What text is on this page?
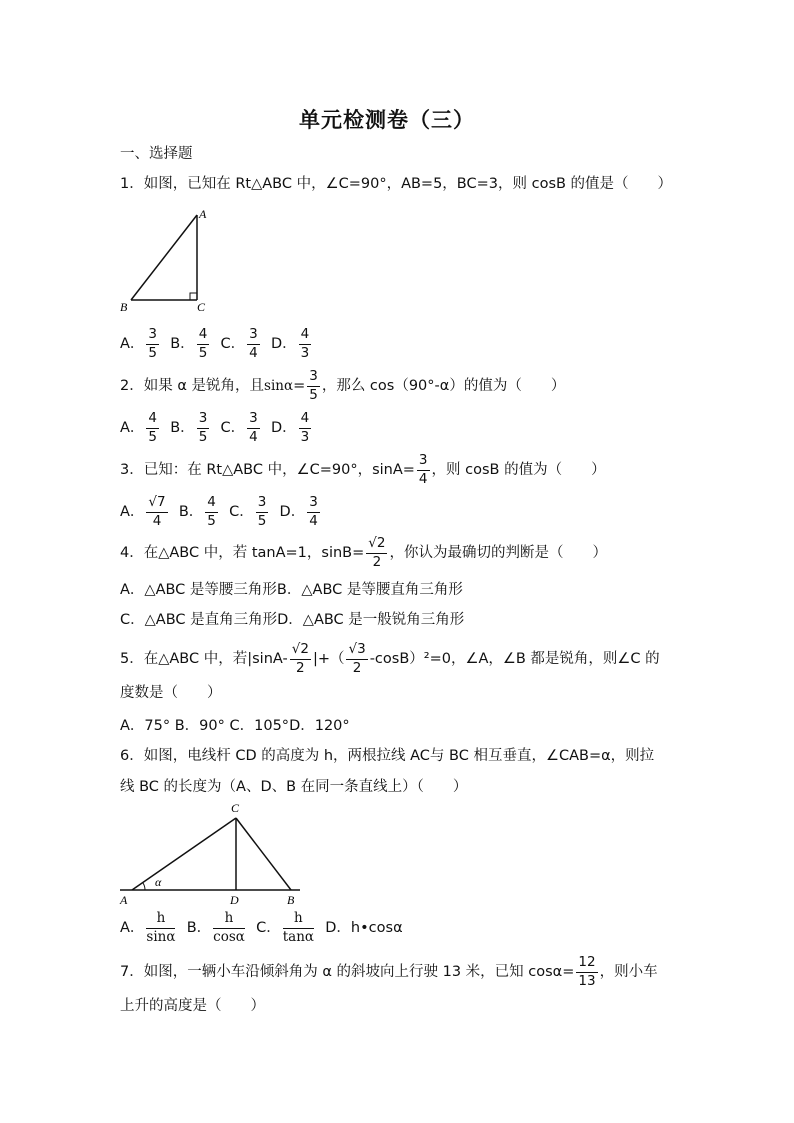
单元检测卷（三）
一、选择题
1．如图，已知在 Rt△ABC 中，∠C=90°，AB=5，BC=3，则 cosB 的值是（　　）
A
B	C
A． $\frac{3}{5}$ B． $\frac{4}{5}$ C． $\frac{3}{4}$ D． $\frac{4}{3}$
2．如果 α 是锐角，且$\sin\alpha= \frac{3}{5}$ ，那么 cos（90°-α）的值为（　　）
A． $\frac{4}{5}$ B． $\frac{3}{5}$ C． $\frac{3}{4}$ D． $\frac{4}{3}$
3．已知：在 Rt△ABC 中，∠C=90°，$\sin A= \frac{3}{4}$ ，则 cosB 的值为（　　）
A． $\frac{√7}{4}$ B． $\frac{4}{5}$ C． $\frac{3}{5}$ D． $\frac{3}{4}$
4．在△ABC 中，若 tanA=1，$\sin B= \frac{√2}{2}$ ，你认为最确切的判断是（　　）
A．△ABC 是等腰三角形B．△ABC 是等腰直角三角形
C．△ABC 是直角三角形D．△ABC 是一般锐角三角形
5．在△ABC 中，若$|\sin A- \frac{√2}{2}$ |+（ $\frac{√3}{2} -\cos B)^2=0$，∠A，∠B 都是锐角，则∠C 的
度数是（　　）
A．75° B．90° C．105°D．120°
6．如图，电线杆 CD 的高度为 h，两根拉线 AC与 BC 相互垂直，∠CAB=α，则拉
线 BC 的长度为（A、D、B 在同一条直线上）（　　）
C
A	D	B
α
A． $\frac{h}{\sin\alpha}$ B． $\frac{h}{\cos\alpha}$ C． $\frac{h}{\tan\alpha}$ D．h•cosα
7．如图，一辆小车沿倾斜角为 α 的斜坡向上行驶 13 米，已知 $\cos\alpha= \frac{12}{13}$ ，则小车
上升的高度是（　　）
